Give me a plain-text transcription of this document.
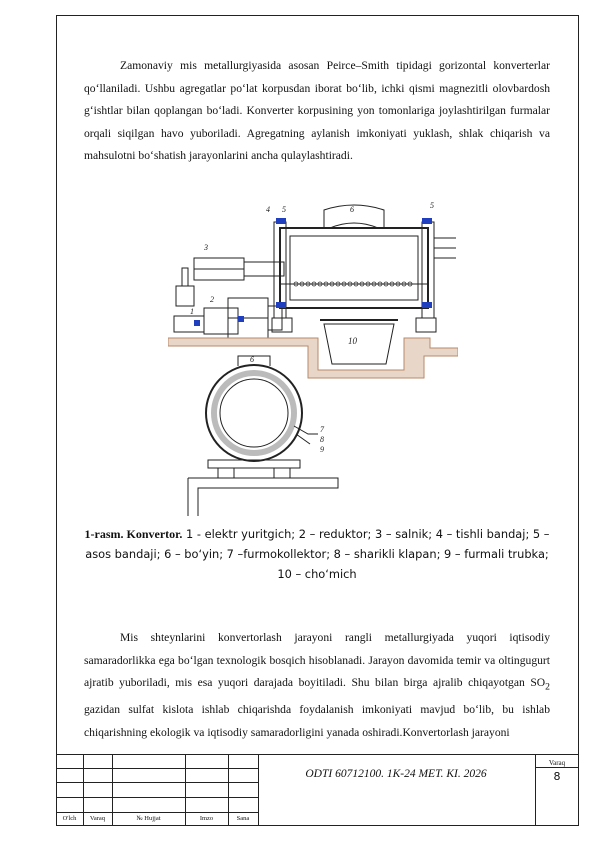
Zamonaviy mis metallurgiyasida asosan Peirce–Smith tipidagi gorizontal konverterlar qo‘llaniladi. Ushbu agregatlar po‘lat korpusdan iborat bo‘lib, ichki qismi magnezitli olovbardosh g‘ishtlar bilan qoplangan bo‘ladi. Konverter korpusining yon tomonlariga joylashtirilgan furmalar orqali siqilgan havo yuboriladi. Agregatning aylanish imkoniyati yuklash, shlak chiqarish va mahsulotni bo‘shatish jarayonlarini ancha qulaylashtiradi.

4 5	6	5
3
2
1
10
6
7
8
9

1-rasm. Konvertor. 1 - elektr yuritgich; 2 – reduktor; 3 – salnik; 4 – tishli bandaj; 5 – asos bandaji; 6 – bo‘yin; 7 –furmokollektor; 8 – sharikli klapan; 9 – furmali trubka; 10 – cho‘mich

Mis shteynlarini konvertorlash jarayoni rangli metallurgiyada yuqori iqtisodiy samaradorlikka ega bo‘lgan texnologik bosqich hisoblanadi. Jarayon davomida temir va oltingugurt ajratib yuboriladi, mis esa yuqori darajada boyitiladi. Shu bilan birga ajralib chiqayotgan $SO_2$ gazidan sulfat kislota ishlab chiqarishda foydalanish imkoniyati mavjud bo‘lib, bu ishlab chiqarishning ekologik va iqtisodiy samaradorligini yanada oshiradi.Konvertorlash jarayoni

O'lch	Varaq	№ Hujjat	Imzo	Sana
ODTI 60712100. 1K-24 MET. KI. 2026
Varaq
8
